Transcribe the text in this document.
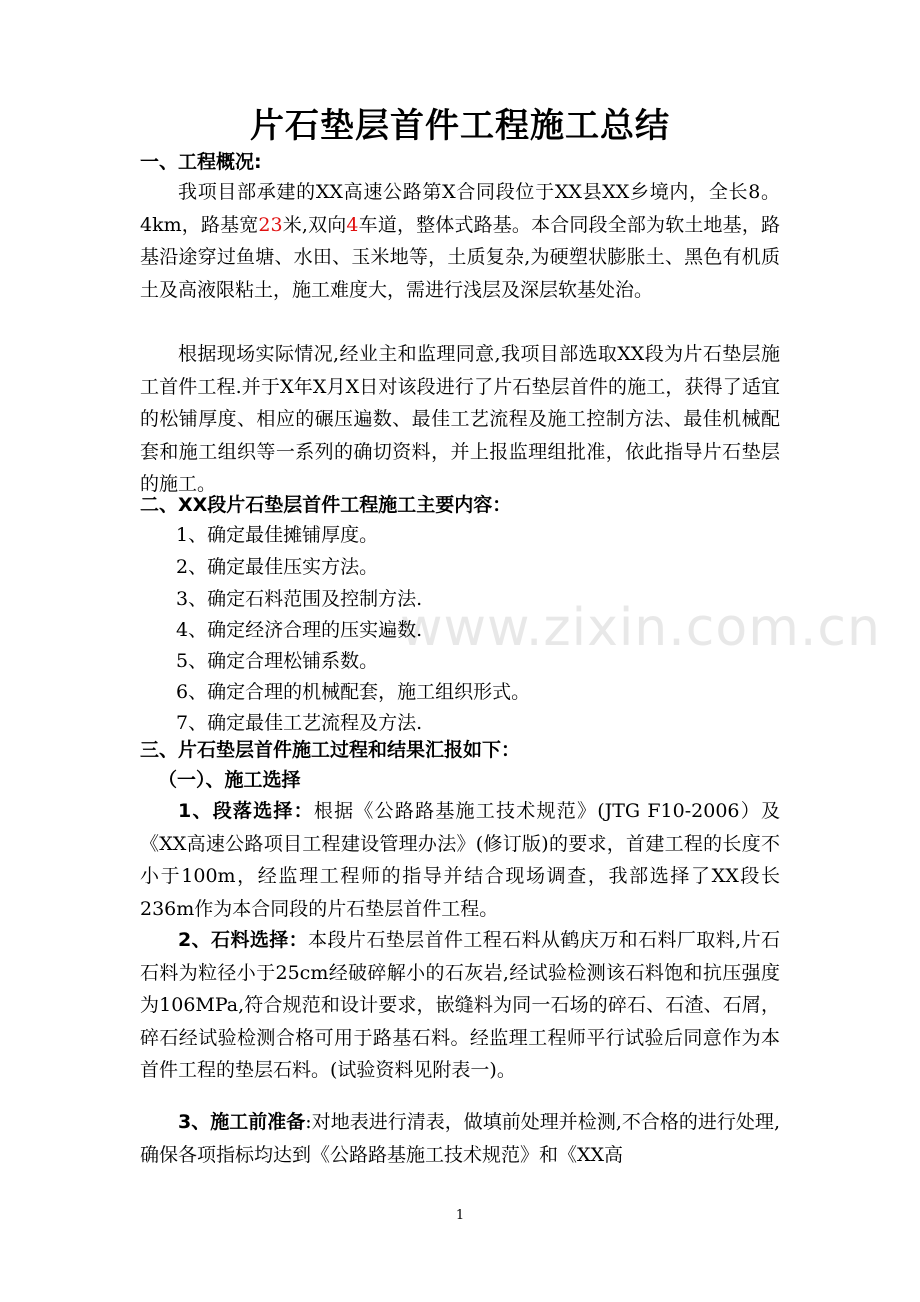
www.zixin.com.cn
片石垫层首件工程施工总结
一、工程概况:

我项目部承建的XX高速公路第X合同段位于XX县XX乡境内，全长8。4km，路基宽23米,双向4车道，整体式路基。本合同段全部为软土地基，路基沿途穿过鱼塘、水田、玉米地等，土质复杂,为硬塑状膨胀土、黑色有机质土及高液限粘土，施工难度大，需进行浅层及深层软基处治。

根据现场实际情况,经业主和监理同意,我项目部选取XX段为片石垫层施工首件工程.并于X年X月X日对该段进行了片石垫层首件的施工，获得了适宜的松铺厚度、相应的碾压遍数、最佳工艺流程及施工控制方法、最佳机械配套和施工组织等一系列的确切资料，并上报监理组批准，依此指导片石垫层的施工。

二、XX段片石垫层首件工程施工主要内容：
1、确定最佳摊铺厚度。
2、确定最佳压实方法。
3、确定石料范围及控制方法.
4、确定经济合理的压实遍数.
5、确定合理松铺系数。
6、确定合理的机械配套，施工组织形式。
7、确定最佳工艺流程及方法.
三、片石垫层首件施工过程和结果汇报如下：
（一）、施工选择

1、段落选择：根据《公路路基施工技术规范》(JTG F10-2006）及《XX高速公路项目工程建设管理办法》(修订版)的要求，首建工程的长度不小于100m，经监理工程师的指导并结合现场调查，我部选择了XX段长236m作为本合同段的片石垫层首件工程。

2、石料选择：本段片石垫层首件工程石料从鹤庆万和石料厂取料,片石石料为粒径小于25cm经破碎解小的石灰岩,经试验检测该石料饱和抗压强度为106MPa,符合规范和设计要求，嵌缝料为同一石场的碎石、石渣、石屑，碎石经试验检测合格可用于路基石料。经监理工程师平行试验后同意作为本首件工程的垫层石料。(试验资料见附表一)。

3、施工前准备:对地表进行清表，做填前处理并检测,不合格的进行处理,确保各项指标均达到《公路路基施工技术规范》和《XX高

1
